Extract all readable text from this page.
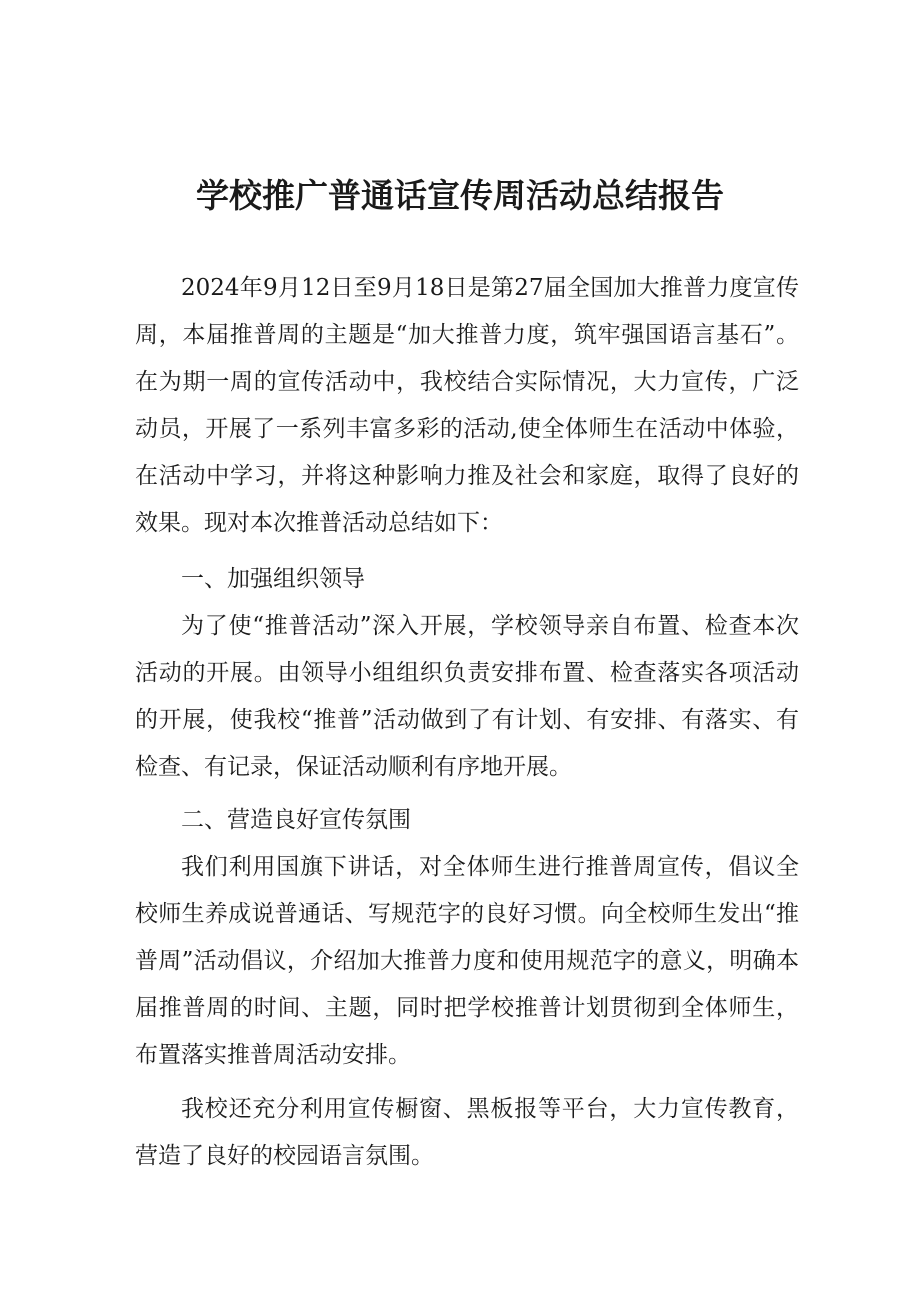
学校推广普通话宣传周活动总结报告

2024年9月12日至9月18日是第27届全国加大推普力度宣传周，本届推普周的主题是“加大推普力度，筑牢强国语言基石”。在为期一周的宣传活动中，我校结合实际情况，大力宣传，广泛动员，开展了一系列丰富多彩的活动,使全体师生在活动中体验，在活动中学习，并将这种影响力推及社会和家庭，取得了良好的效果。现对本次推普活动总结如下：

一、加强组织领导

为了使“推普活动”深入开展，学校领导亲自布置、检查本次活动的开展。由领导小组组织负责安排布置、检查落实各项活动的开展，使我校“推普”活动做到了有计划、有安排、有落实、有检查、有记录，保证活动顺利有序地开展。

二、营造良好宣传氛围

我们利用国旗下讲话，对全体师生进行推普周宣传，倡议全校师生养成说普通话、写规范字的良好习惯。向全校师生发出“推普周”活动倡议，介绍加大推普力度和使用规范字的意义，明确本届推普周的时间、主题，同时把学校推普计划贯彻到全体师生，布置落实推普周活动安排。

我校还充分利用宣传橱窗、黑板报等平台，大力宣传教育，营造了良好的校园语言氛围。
